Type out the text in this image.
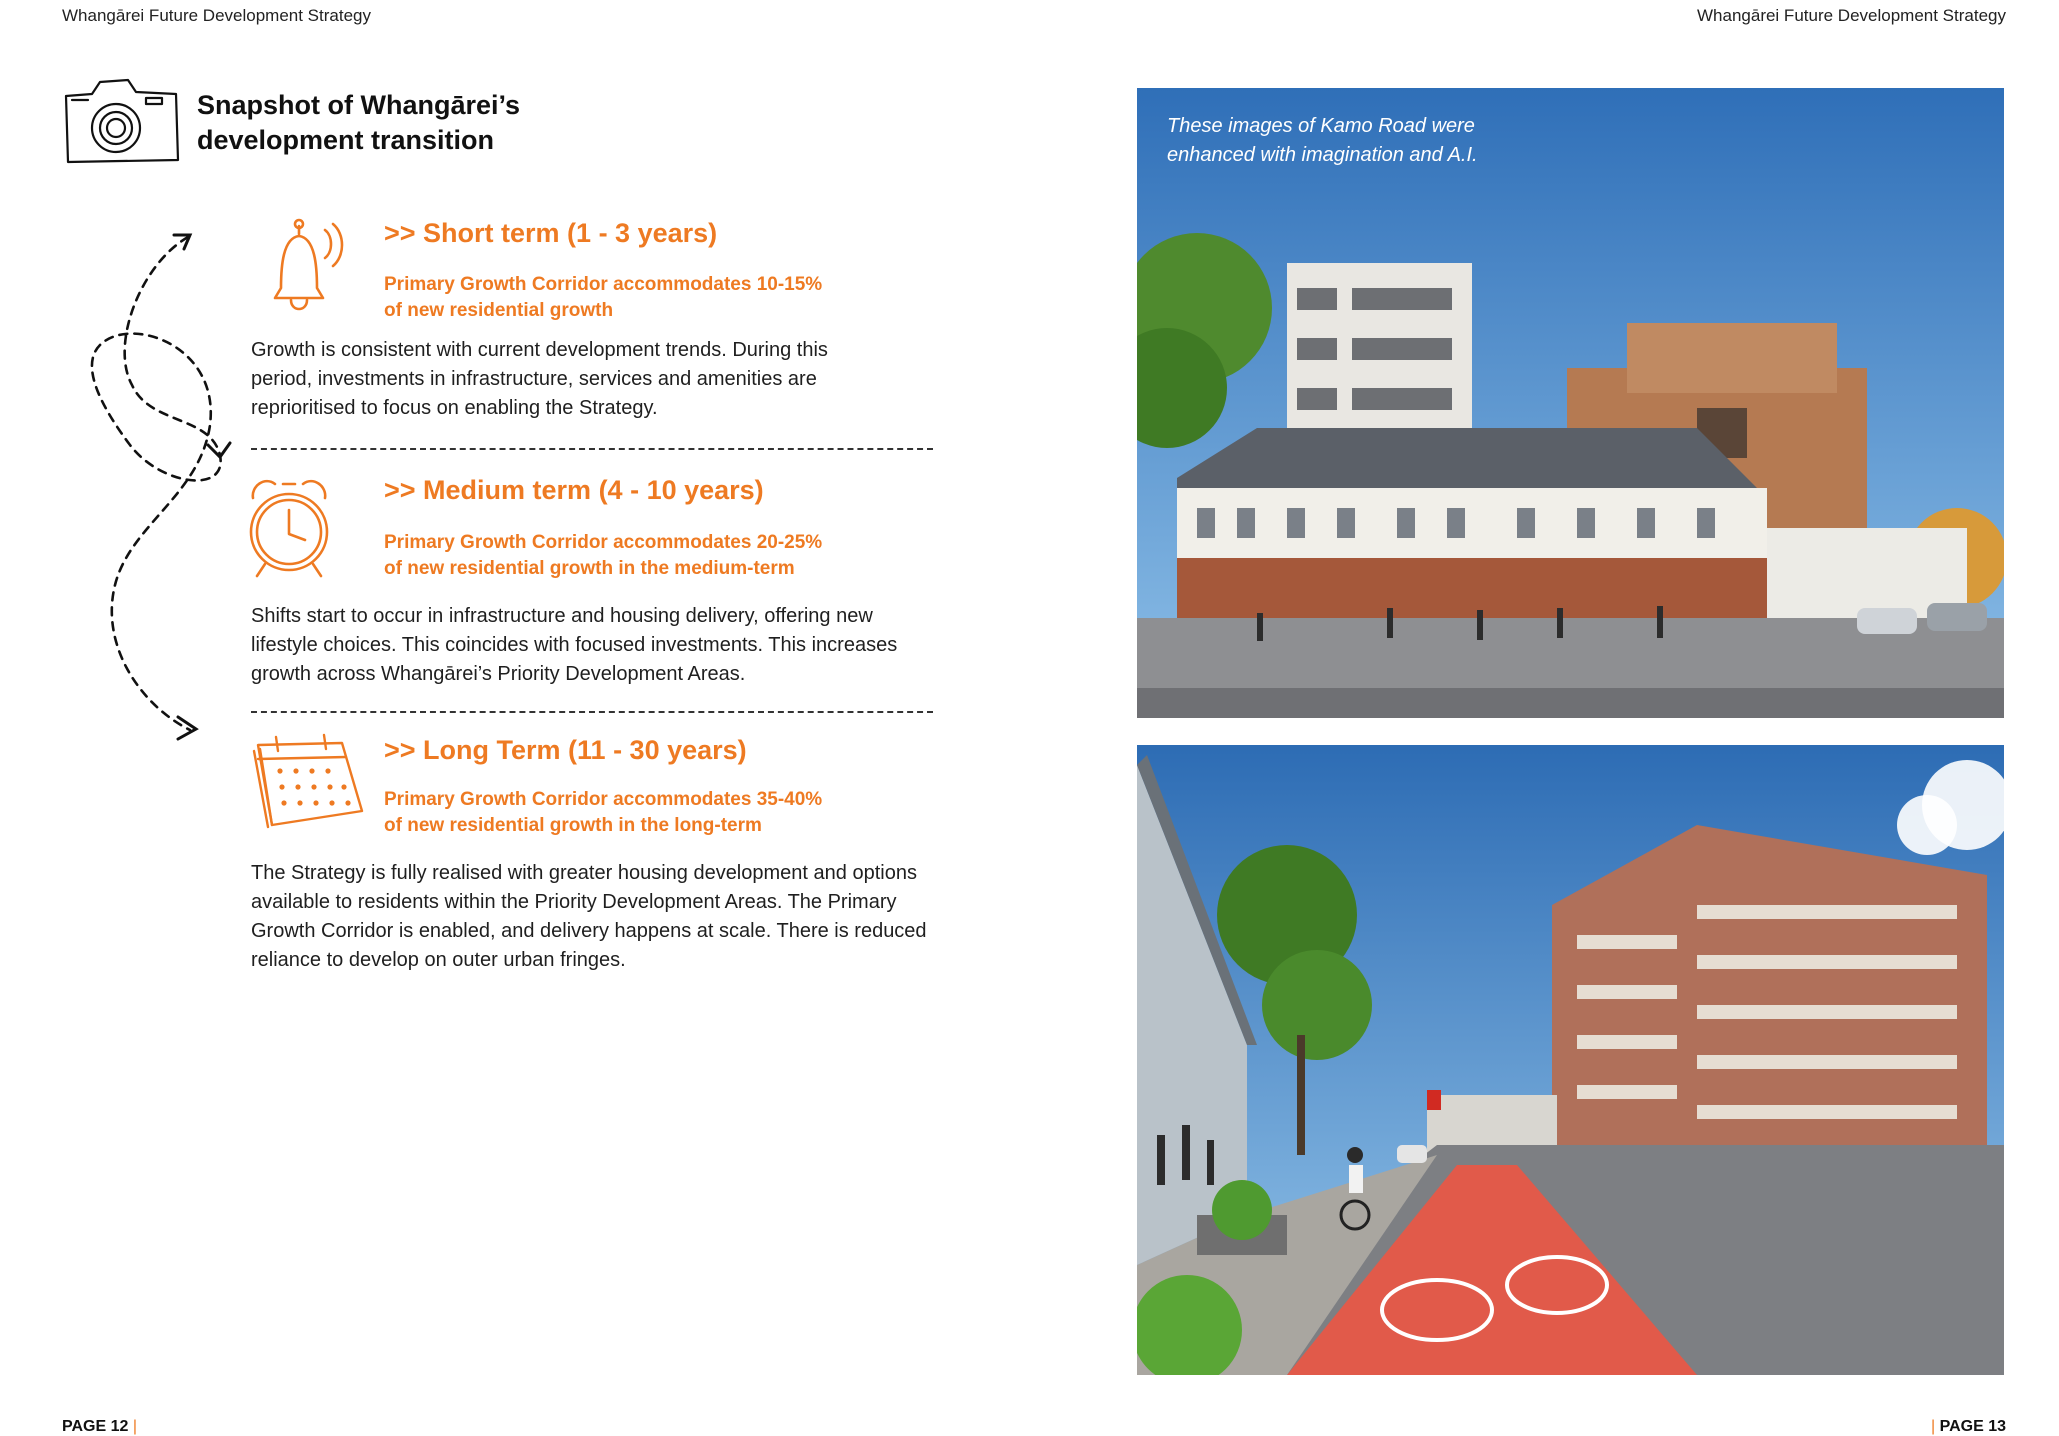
Whangārei Future Development Strategy	Whangārei Future Development Strategy
Snapshot of Whangārei’s
development transition
>> Short term (1 - 3 years)
Primary Growth Corridor accommodates 10-15%
of new residential growth
Growth is consistent with current development trends. During this period, investments in infrastructure, services and amenities are reprioritised to focus on enabling the Strategy.
>> Medium term (4 - 10 years)
Primary Growth Corridor accommodates 20-25%
of new residential growth in the medium-term
Shifts start to occur in infrastructure and housing delivery, offering new lifestyle choices. This coincides with focused investments. This increases growth across Whangārei’s Priority Development Areas.
>> Long Term (11 - 30 years)
Primary Growth Corridor accommodates 35-40%
of new residential growth in the long-term
The Strategy is fully realised with greater housing development and options available to residents within the Priority Development Areas. The Primary Growth Corridor is enabled, and delivery happens at scale. There is reduced reliance to develop on outer urban fringes.
These images of Kamo Road were
enhanced with imagination and A.I.
PAGE 12 |	| PAGE 13
